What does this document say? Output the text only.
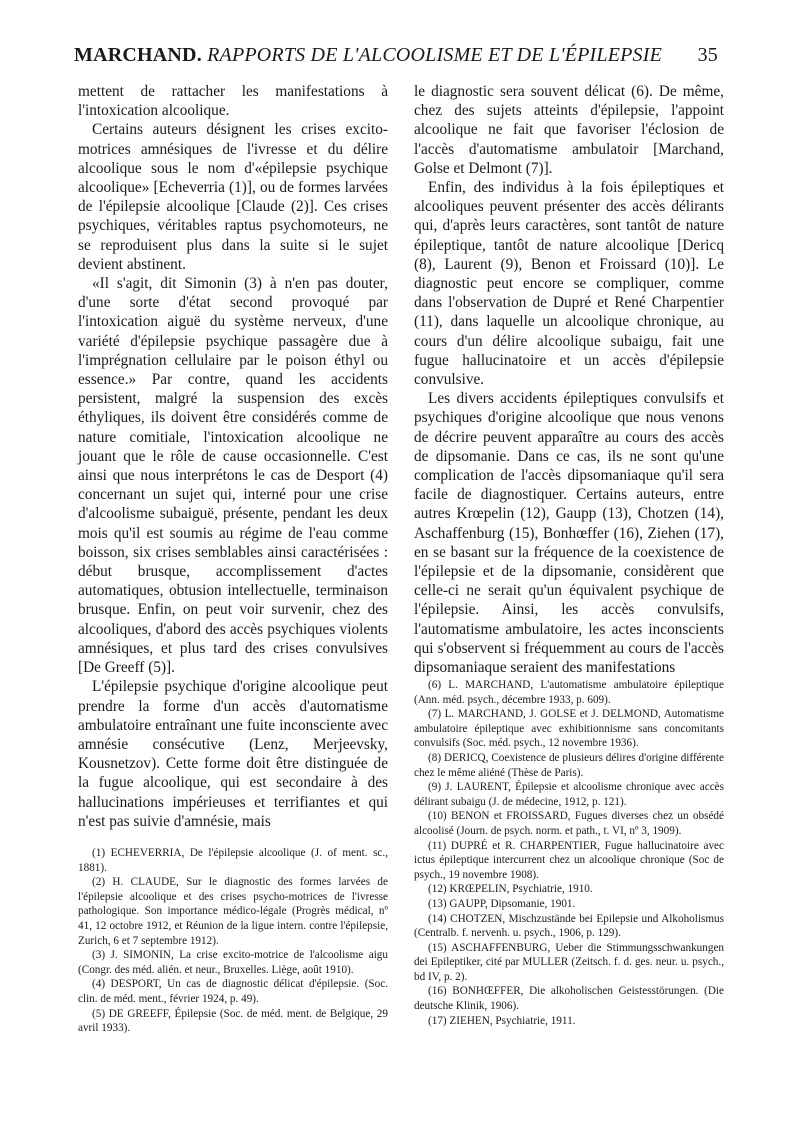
MARCHAND. RAPPORTS DE L'ALCOOLISME ET DE L'ÉPILEPSIE 35

mettent de rattacher les manifestations à l'intoxication alcoolique.

Certains auteurs désignent les crises excito-motrices amnésiques de l'ivresse et du délire alcoolique sous le nom d'«épilepsie psychique alcoolique» [Echeverria (1)], ou de formes larvées de l'épilepsie alcoolique [Claude (2)]. Ces crises psychiques, véritables raptus psychomoteurs, ne se reproduisent plus dans la suite si le sujet devient abstinent.

«Il s'agit, dit Simonin (3) à n'en pas douter, d'une sorte d'état second provoqué par l'intoxication aiguë du système nerveux, d'une variété d'épilepsie psychique passagère due à l'imprégnation cellulaire par le poison éthyl ou essence.» Par contre, quand les accidents persistent, malgré la suspension des excès éthyliques, ils doivent être considérés comme de nature comitiale, l'intoxication alcoolique ne jouant que le rôle de cause occasionnelle. C'est ainsi que nous interprétons le cas de Desport (4) concernant un sujet qui, interné pour une crise d'alcoolisme subaiguë, présente, pendant les deux mois qu'il est soumis au régime de l'eau comme boisson, six crises semblables ainsi caractérisées : début brusque, accomplissement d'actes automatiques, obtusion intellectuelle, terminaison brusque. Enfin, on peut voir survenir, chez des alcooliques, d'abord des accès psychiques violents amnésiques, et plus tard des crises convulsives [De Greeff (5)].

L'épilepsie psychique d'origine alcoolique peut prendre la forme d'un accès d'automatisme ambulatoire entraînant une fuite inconsciente avec amnésie consécutive (Lenz, Merjeevsky, Kousnetzov). Cette forme doit être distinguée de la fugue alcoolique, qui est secondaire à des hallucinations impérieuses et terrifiantes et qui n'est pas suivie d'amnésie, mais

le diagnostic sera souvent délicat (6). De même, chez des sujets atteints d'épilepsie, l'appoint alcoolique ne fait que favoriser l'éclosion de l'accès d'automatisme ambulatoir [Marchand, Golse et Delmont (7)].

Enfin, des individus à la fois épileptiques et alcooliques peuvent présenter des accès délirants qui, d'après leurs caractères, sont tantôt de nature épileptique, tantôt de nature alcoolique [Dericq (8), Laurent (9), Benon et Froissard (10)]. Le diagnostic peut encore se compliquer, comme dans l'observation de Dupré et René Charpentier (11), dans laquelle un alcoolique chronique, au cours d'un délire alcoolique subaigu, fait une fugue hallucinatoire et un accès d'épilepsie convulsive.

Les divers accidents épileptiques convulsifs et psychiques d'origine alcoolique que nous venons de décrire peuvent apparaître au cours des accès de dipsomanie. Dans ce cas, ils ne sont qu'une complication de l'accès dipsomaniaque qu'il sera facile de diagnostiquer. Certains auteurs, entre autres Krœpelin (12), Gaupp (13), Chotzen (14), Aschaffenburg (15), Bonhœffer (16), Ziehen (17), en se basant sur la fréquence de la coexistence de l'épilepsie et de la dipsomanie, considèrent que celle-ci ne serait qu'un équivalent psychique de l'épilepsie. Ainsi, les accès convulsifs, l'automatisme ambulatoire, les actes inconscients qui s'observent si fréquemment au cours de l'accès dipsomaniaque seraient des manifestations

(1) ECHEVERRIA, De l'épilepsie alcoolique (J. of ment. sc., 1881).

(2) H. CLAUDE, Sur le diagnostic des formes larvées de l'épilepsie alcoolique et des crises psycho-motrices de l'ivresse pathologique. Son importance médico-légale (Progrès médical, nº 41, 12 octobre 1912, et Réunion de la ligue intern. contre l'épilepsie, Zurich, 6 et 7 septembre 1912).

(3) J. SIMONIN, La crise excito-motrice de l'alcoolisme aigu (Congr. des méd. alién. et neur., Bruxelles. Liège, août 1910).

(4) DESPORT, Un cas de diagnostic délicat d'épilepsie. (Soc. clin. de méd. ment., février 1924, p. 49).

(5) DE GREEFF, Épilepsie (Soc. de méd. ment. de Belgique, 29 avril 1933).

(6) L. MARCHAND, L'automatisme ambulatoire épileptique (Ann. méd. psych., décembre 1933, p. 609).

(7) L. MARCHAND, J. GOLSE et J. DELMOND, Automatisme ambulatoire épileptique avec exhibitionnisme sans concomitants convulsifs (Soc. méd. psych., 12 novembre 1936).

(8) DERICQ, Coexistence de plusieurs délires d'origine différente chez le même aliéné (Thèse de Paris).

(9) J. LAURENT, Épilepsie et alcoolisme chronique avec accès délirant subaigu (J. de médecine, 1912, p. 121).

(10) BENON et FROISSARD, Fugues diverses chez un obsédé alcoolisé (Journ. de psych. norm. et path., t. VI, nº 3, 1909).

(11) DUPRÉ et R. CHARPENTIER, Fugue hallucinatoire avec ictus épileptique intercurrent chez un alcoolique chronique (Soc de psych., 19 novembre 1908).

(12) KRŒPELIN, Psychiatrie, 1910.

(13) GAUPP, Dipsomanie, 1901.

(14) CHOTZEN, Mischzustände bei Epilepsie und Alkoholismus (Centralb. f. nervenh. u. psych., 1906, p. 129).

(15) ASCHAFFENBURG, Ueber die Stimmungsschwankungen dei Epileptiker, cité par MULLER (Zeitsch. f. d. ges. neur. u. psych., bd IV, p. 2).

(16) BONHŒFFER, Die alkoholischen Geistesstörungen. (Die deutsche Klinik, 1906).

(17) ZIEHEN, Psychiatrie, 1911.
